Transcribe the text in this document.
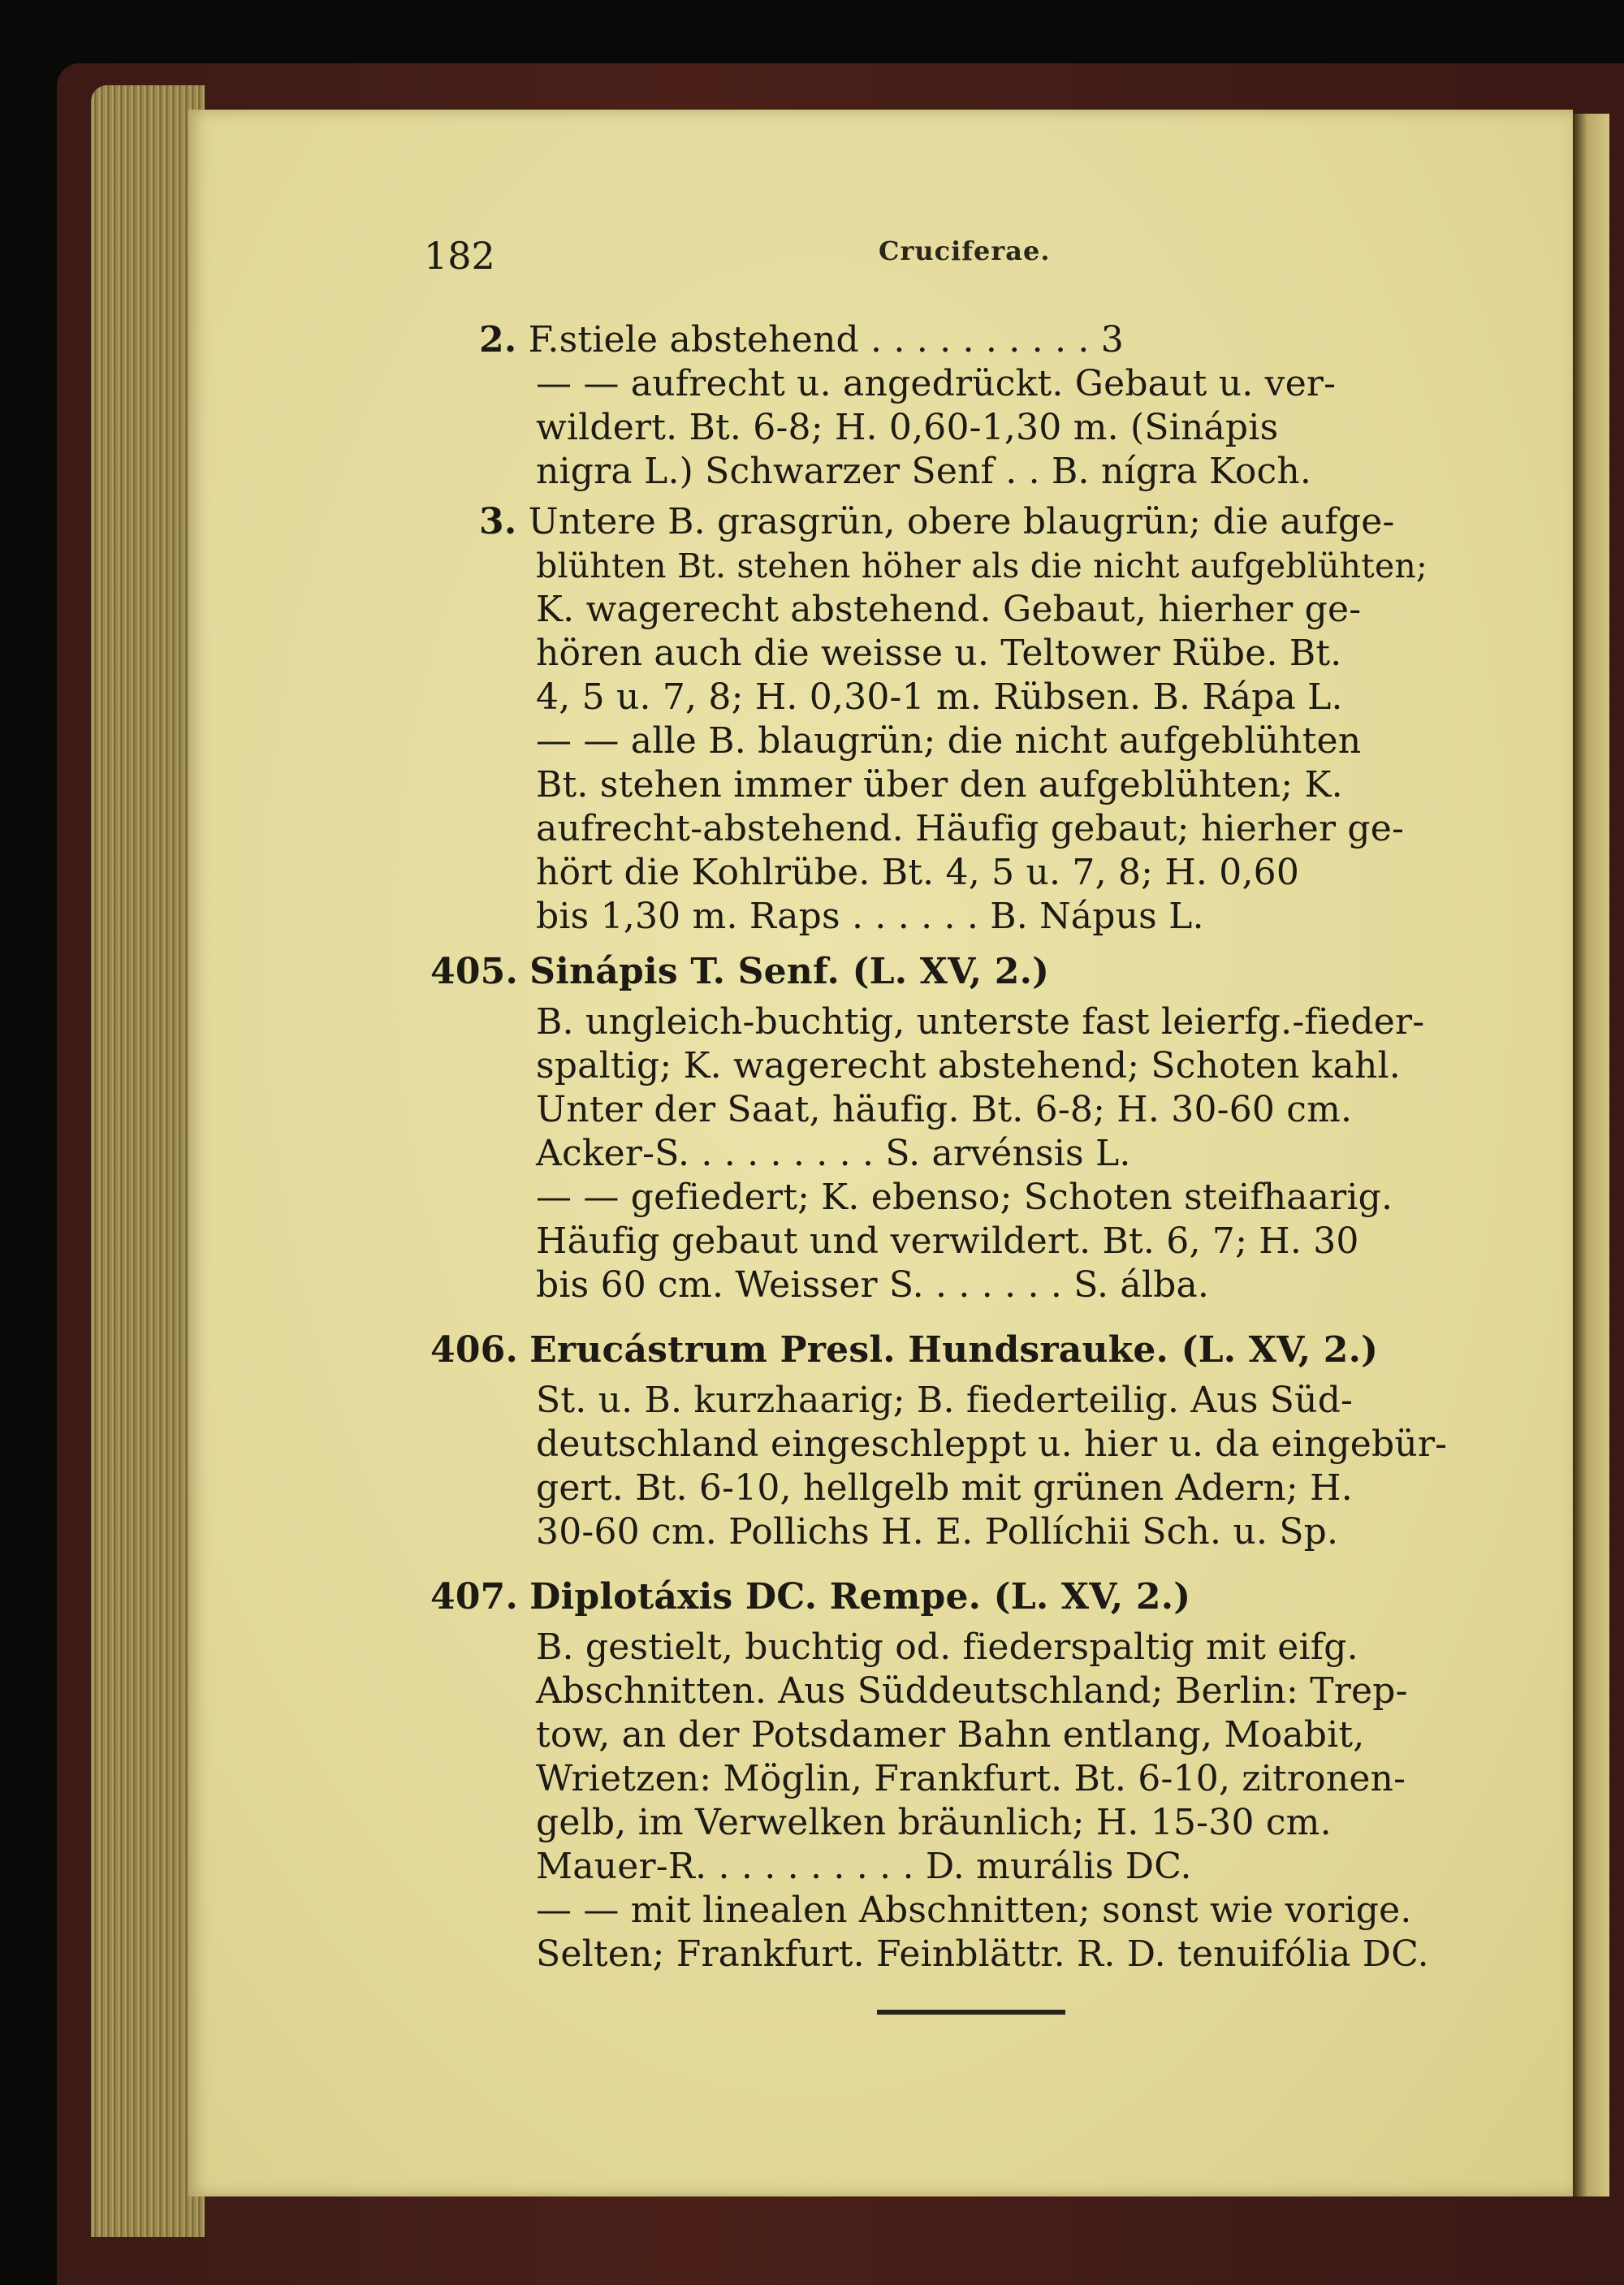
182	Cruciferae.
2. F.stiele abstehend . . . . . . . . . . 3
— — aufrecht u. angedrückt. Gebaut u. ver-
wildert. Bt. 6-8; H. 0,60-1,30 m. (Sinápis
nigra L.) Schwarzer Senf . . B. nígra Koch.
3. Untere B. grasgrün, obere blaugrün; die aufge-
blühten Bt. stehen höher als die nicht aufgeblühten;
K. wagerecht abstehend. Gebaut, hierher ge-
hören auch die weisse u. Teltower Rübe. Bt.
4, 5 u. 7, 8; H. 0,30-1 m. Rübsen. B. Rápa L.
— — alle B. blaugrün; die nicht aufgeblühten
Bt. stehen immer über den aufgeblühten; K.
aufrecht-abstehend. Häufig gebaut; hierher ge-
hört die Kohlrübe. Bt. 4, 5 u. 7, 8; H. 0,60
bis 1,30 m. Raps . . . . . . B. Nápus L.
405. Sinápis T. Senf. (L. XV, 2.)
B. ungleich-buchtig, unterste fast leierfg.-fieder-
spaltig; K. wagerecht abstehend; Schoten kahl.
Unter der Saat, häufig. Bt. 6-8; H. 30-60 cm.
Acker-S. . . . . . . . . S. arvénsis L.
— — gefiedert; K. ebenso; Schoten steifhaarig.
Häufig gebaut und verwildert. Bt. 6, 7; H. 30
bis 60 cm. Weisser S. . . . . . . S. álba.
406. Erucástrum Presl. Hundsrauke. (L. XV, 2.)
St. u. B. kurzhaarig; B. fiederteilig. Aus Süd-
deutschland eingeschleppt u. hier u. da eingebür-
gert. Bt. 6-10, hellgelb mit grünen Adern; H.
30-60 cm. Pollichs H. E. Pollíchii Sch. u. Sp.
407. Diplotáxis DC. Rempe. (L. XV, 2.)
B. gestielt, buchtig od. fiederspaltig mit eifg.
Abschnitten. Aus Süddeutschland; Berlin: Trep-
tow, an der Potsdamer Bahn entlang, Moabit,
Wrietzen: Möglin, Frankfurt. Bt. 6-10, zitronen-
gelb, im Verwelken bräunlich; H. 15-30 cm.
Mauer-R. . . . . . . . . . D. murális DC.
— — mit linealen Abschnitten; sonst wie vorige.
Selten; Frankfurt. Feinblättr. R. D. tenuifólia DC.
